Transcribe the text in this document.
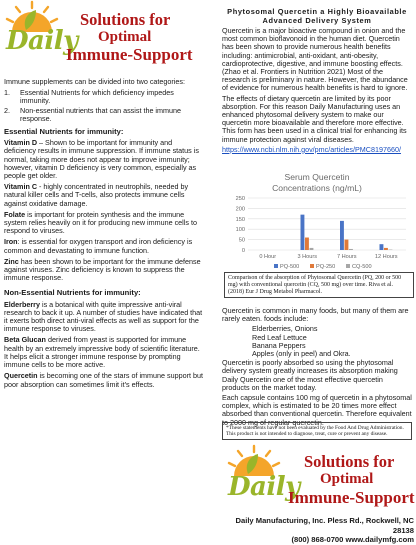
Daily
Solutions for
Optimal
Immune-Support
Immune supplements can be divided into two categories:
1.	Essential Nutrients for which deficiency impedes immunity.
2.	Non-essential nutrients that can assist the immune response.
Essential Nutrients for immunity:
Vitamin D – Shown to be important for immunity and deficiency results in immune suppression. If immune status is normal, taking more does not appear to improve immunity; however, vitamin D deficiency is very common, especially as people get older.
Vitamin C - highly concentrated in neutrophils, needed by natural killer cells and T-cells, also protects immune cells against oxidative damage.
Folate is important for protein synthesis and the immune system relies heavily on it for producing new immune cells to respond to viruses.
Iron: is essential for oxygen transport and iron deficiency is common and devastating to immune function.
Zinc has been shown to be important for the immune defense against viruses. Zinc deficiency is known to suppress the immune response.
Non-Essential Nutrients for immunity:
Elderberry is a botanical with quite impressive anti-viral research to back it up. A number of studies have indicated that it exerts both direct anti-viral effects as well as support for the immune response to viruses.
Beta Glucan derived from yeast is supported for immune health by an extremely impressive body of scientific literature. It helps elicit a stronger immune response by prompting immune cells to be more active.
Quercetin is becoming one of the stars of immune support but poor absorption can sometimes limit it's effects.
Phytosomal Quercetin a Highly Bioavailable
Advanced Delivery System
Quercetin is a major bioactive compound in onion and the most common bioflavonoid in the human diet. Quercetin has been shown to provide numerous health benefits including: antimicrobial, anti-oxidant, anti-obesity, cardioprotective, digestive, and immune boosting effects. (Zhao et al. Frontiers in Nutrition 2021) Most of the research is preliminary in nature. However, the abundance of evidence for numerous health benefits is hard to ignore.
The effects of dietary quercetin are limited by its poor absorption. For this reason Daily Manufacturing uses an enhanced phytosomal delivery system to make our quercetin more bioavailable and therefore more effective. This form has been used in a clinical trial for enhancing its immune protection against viral diseases.
https://www.ncbi.nlm.nih.gov/pmc/articles/PMC8197660/
Serum Quercetin
Concentrations (ng/mL)
0
50
100
150
200
250
0 Hour	3 Hours	7 Hours	12 Hours
PQ-500	PQ-250	CQ-500
Comparison of the absorption of Phytosomal Quercetin (PQ, 200 or 500 mg) with conventional quercetin (CQ, 500 mg) over time. Riva et al. (2018) Eur J Drug Metabol Pharmacol.
Quercetin is common in many foods, but many of them are rarely eaten. foods include:
Elderberries, Onions
Red Leaf Lettuce
Banana Peppers
Apples (only in peel) and Okra.
Quercetin is poorly absorbed so using the phytosomal delivery system greatly increases its absorption making Daily Quercetin one of the most effective quercetin products on the market today.
Each capsule contains 100 mg of quercetin in a phytosomal complex, which is estimated to be 20 times more effect absorbed than conventional quercetin. Therefore equivalent to 2000 mg of regular quercetin.
*These statements have not been evaluated by the Food And Drug Administration. This product is not intended to diagnose, treat, cure or prevent any disease.
Daily
Solutions for
Optimal
Immune-Support
Daily Manufacturing, Inc. Pless Rd., Rockwell, NC 28138
(800) 868-0700 www.dailymfg.com
